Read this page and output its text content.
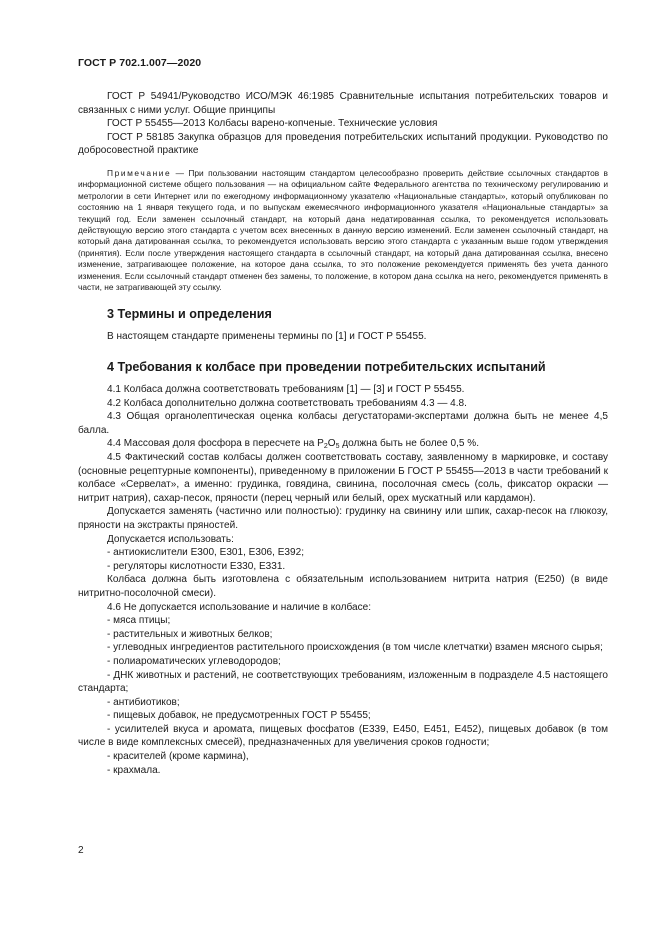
ГОСТ Р 702.1.007—2020

ГОСТ Р 54941/Руководство ИСО/МЭК 46:1985 Сравнительные испытания потребительских товаров и связанных с ними услуг. Общие принципы

ГОСТ Р 55455—2013 Колбасы варено-копченые. Технические условия

ГОСТ Р 58185 Закупка образцов для проведения потребительских испытаний продукции. Руководство по добросовестной практике

Примечание — При пользовании настоящим стандартом целесообразно проверить действие ссылочных стандартов в информационной системе общего пользования — на официальном сайте Федерального агентства по техническому регулированию и метрологии в сети Интернет или по ежегодному информационному указателю «Национальные стандарты», который опубликован по состоянию на 1 января текущего года, и по выпускам ежемесячного информационного указателя «Национальные стандарты» за текущий год. Если заменен ссылочный стандарт, на который дана недатированная ссылка, то рекомендуется использовать действующую версию этого стандарта с учетом всех внесенных в данную версию изменений. Если заменен ссылочный стандарт, на который дана датированная ссылка, то рекомендуется использовать версию этого стандарта с указанным выше годом утверждения (принятия). Если после утверждения настоящего стандарта в ссылочный стандарт, на который дана датированная ссылка, внесено изменение, затрагивающее положение, на которое дана ссылка, то это положение рекомендуется применять без учета данного изменения. Если ссылочный стандарт отменен без замены, то положение, в котором дана ссылка на него, рекомендуется применять в части, не затрагивающей эту ссылку.

3 Термины и определения

В настоящем стандарте применены термины по [1] и ГОСТ Р 55455.

4 Требования к колбасе при проведении потребительских испытаний

4.1 Колбаса должна соответствовать требованиям [1] — [3] и ГОСТ Р 55455.

4.2 Колбаса дополнительно должна соответствовать требованиям 4.3 — 4.8.

4.3 Общая органолептическая оценка колбасы дегустаторами-экспертами должна быть не менее 4,5 балла.

4.4 Массовая доля фосфора в пересчете на $P_2O_5$ должна быть не более 0,5 %.

4.5 Фактический состав колбасы должен соответствовать составу, заявленному в маркировке, и составу (основные рецептурные компоненты), приведенному в приложении Б ГОСТ Р 55455—2013 в части требований к колбасе «Сервелат», а именно: грудинка, говядина, свинина, посолочная смесь (соль, фиксатор окраски — нитрит натрия), сахар-песок, пряности (перец черный или белый, орех мускатный или кардамон).

Допускается заменять (частично или полностью): грудинку на свинину или шпик, сахар-песок на глюкозу, пряности на экстракты пряностей.

Допускается использовать:

- антиокислители Е300, Е301, Е306, Е392;

- регуляторы кислотности Е330, Е331.

Колбаса должна быть изготовлена с обязательным использованием нитрита натрия (Е250) (в виде нитритно-посолочной смеси).

4.6 Не допускается использование и наличие в колбасе:

- мяса птицы;

- растительных и животных белков;

- углеводных ингредиентов растительного происхождения (в том числе клетчатки) взамен мясного сырья;

- полиароматических углеводородов;

- ДНК животных и растений, не соответствующих требованиям, изложенным в подразделе 4.5 настоящего стандарта;

- антибиотиков;

- пищевых добавок, не предусмотренных ГОСТ Р 55455;

- усилителей вкуса и аромата, пищевых фосфатов (Е339, Е450, Е451, Е452), пищевых добавок (в том числе в виде комплексных смесей), предназначенных для увеличения сроков годности;

- красителей (кроме кармина),

- крахмала.

2
